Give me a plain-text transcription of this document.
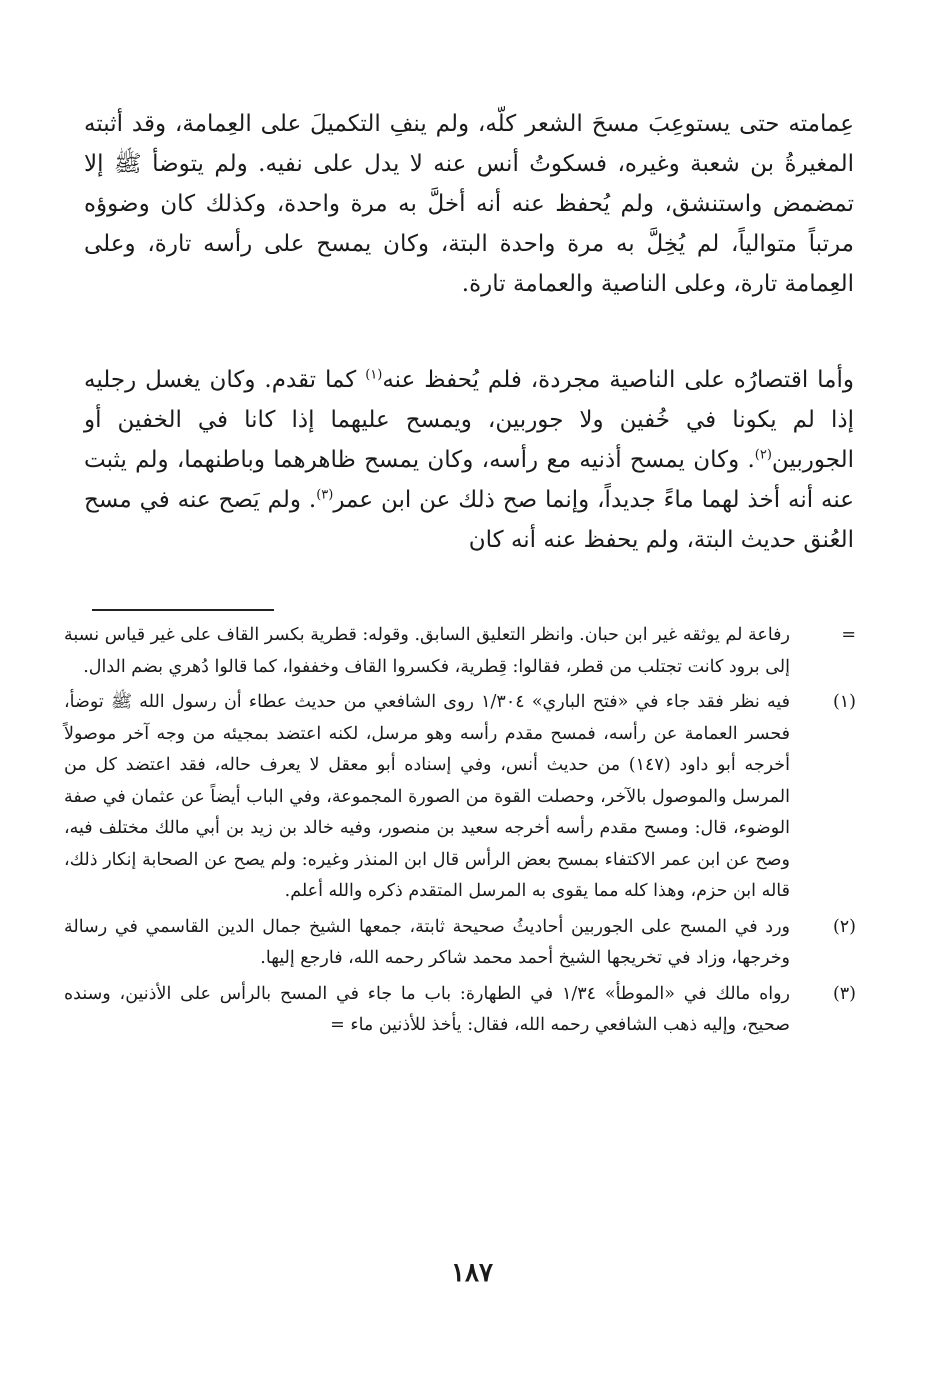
عِمامته حتى يستوعِبَ مسحَ الشعر كلّه، ولم ينفِ التكميلَ على العِمامة، وقد أثبته المغيرةُ بن شعبة وغيره، فسكوتُ أنس عنه لا يدل على نفيه. ولم يتوضأ ﷺ إلا تمضمض واستنشق، ولم يُحفظ عنه أنه أخلَّ به مرة واحدة، وكذلك كان وضوؤه مرتباً متوالياً، لم يُخِلَّ به مرة واحدة البتة، وكان يمسح على رأسه تارة، وعلى العِمامة تارة، وعلى الناصية والعمامة تارة.

وأما اقتصارُه على الناصية مجردة، فلم يُحفظ عنه$^{(١)}$ كما تقدم. وكان يغسل رجليه إذا لم يكونا في خُفين ولا جوربين، ويمسح عليهما إذا كانا في الخفين أو الجوربين$^{(٢)}$. وكان يمسح أذنيه مع رأسه، وكان يمسح ظاهرهما وباطنهما، ولم يثبت عنه أنه أخذ لهما ماءً جديداً، وإنما صح ذلك عن ابن عمر$^{(٣)}$. ولم يَصح عنه في مسح العُنق حديث البتة، ولم يحفظ عنه أنه كان

=
رفاعة لم يوثقه غير ابن حبان. وانظر التعليق السابق. وقوله: قطرية بكسر القاف على غير قياس نسبة إلى برود كانت تجتلب من قطر، فقالوا: قِطرية، فكسروا القاف وخففوا، كما قالوا دُهري بضم الدال.
(١)
فيه نظر فقد جاء في «فتح الباري» ١/٣٠٤ روى الشافعي من حديث عطاء أن رسول الله ﷺ توضأ، فحسر العمامة عن رأسه، فمسح مقدم رأسه وهو مرسل، لكنه اعتضد بمجيئه من وجه آخر موصولاً أخرجه أبو داود (١٤٧) من حديث أنس، وفي إسناده أبو معقل لا يعرف حاله، فقد اعتضد كل من المرسل والموصول بالآخر، وحصلت القوة من الصورة المجموعة، وفي الباب أيضاً عن عثمان في صفة الوضوء، قال: ومسح مقدم رأسه أخرجه سعيد بن منصور، وفيه خالد بن زيد بن أبي مالك مختلف فيه، وصح عن ابن عمر الاكتفاء بمسح بعض الرأس قال ابن المنذر وغيره: ولم يصح عن الصحابة إنكار ذلك، قاله ابن حزم، وهذا كله مما يقوى به المرسل المتقدم ذكره والله أعلم.
(٢)
ورد في المسح على الجوربين أحاديثُ صحيحة ثابتة، جمعها الشيخ جمال الدين القاسمي في رسالة وخرجها، وزاد في تخريجها الشيخ أحمد محمد شاكر رحمه الله، فارجع إليها.
(٣)
رواه مالك في «الموطأ» ١/٣٤ في الطهارة: باب ما جاء في المسح بالرأس على الأذنين، وسنده صحيح، وإليه ذهب الشافعي رحمه الله، فقال: يأخذ للأذنين ماء =
١٨٧
